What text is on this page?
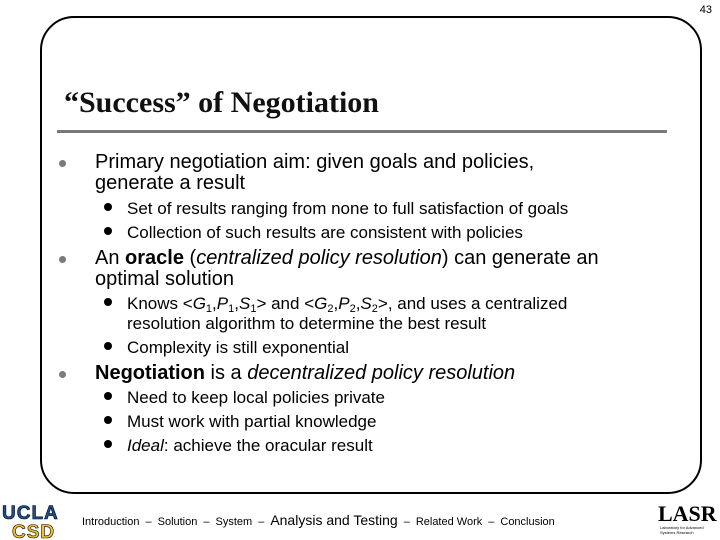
43
“Success” of Negotiation
Primary negotiation aim: given goals and policies,
generate a result
Set of results ranging from none to full satisfaction of goals
Collection of such results are consistent with policies
An oracle (centralized policy resolution) can generate an
optimal solution
Knows $<G_1,P_1,S_1>$ and $<G_2,P_2,S_2>$, and uses a centralized
resolution algorithm to determine the best result
Complexity is still exponential
Negotiation is a decentralized policy resolution
Need to keep local policies private
Must work with partial knowledge
Ideal: achieve the oracular result
Introduction – Solution – System – Analysis and Testing – Related Work – Conclusion
UCLA
CSD
LASR
Laboratory for Advanced
Systems Research
